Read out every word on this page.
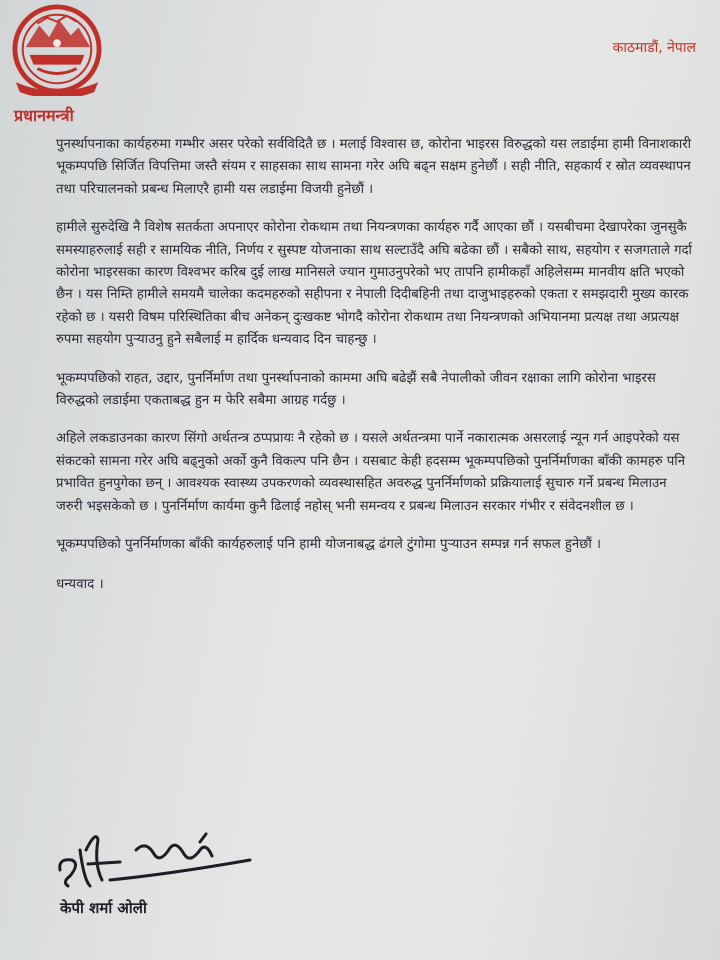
प्रधानमन्त्री
काठमाडौं, नेपाल

पुनर्स्थापनाका कार्यहरुमा गम्भीर असर परेको सर्वविदितै छ । मलाई विश्वास छ, कोरोना भाइरस विरुद्धको यस लडाईमा हामी विनाशकारी भूकम्पपछि सिर्जित विपत्तिमा जस्तै संयम र साहसका साथ सामना गरेर अघि बढ्न सक्षम हुनेछौं । सही नीति, सहकार्य र स्रोत व्यवस्थापन तथा परिचालनको प्रबन्ध मिलाएरै हामी यस लडाईमा विजयी हुनेछौं ।

हामीले सुरुदेखि नै विशेष सतर्कता अपनाएर कोरोना रोकथाम तथा नियन्त्रणका कार्यहरु गर्दै आएका छौं । यसबीचमा देखापरेका जुनसुकै समस्याहरुलाई सही र सामयिक नीति, निर्णय र सुस्पष्ट योजनाका साथ सल्टाउँदै अघि बढेका छौं । सबैको साथ, सहयोग र सजगताले गर्दा कोरोना भाइरसका कारण विश्वभर करिब दुई लाख मानिसले ज्यान गुमाउनुपरेको भए तापनि हामीकहाँ अहिलेसम्म मानवीय क्षति भएको छैन । यस निम्ति हामीले समयमै चालेका कदमहरुको सहीपना र नेपाली दिदीबहिनी तथा दाजुभाइहरुको एकता र समझदारी मुख्य कारक रहेको छ । यसरी विषम परिस्थितिका बीच अनेकन् दुःखकष्ट भोगदै कोरोना रोकथाम तथा नियन्त्रणको अभियानमा प्रत्यक्ष तथा अप्रत्यक्ष रुपमा सहयोग पुऱ्याउनु हुने सबैलाई म हार्दिक धन्यवाद दिन चाहन्छु ।

भूकम्पपछिको राहत, उद्दार, पुनर्निर्माण तथा पुनर्स्थापनाको काममा अघि बढेझैं सबै नेपालीको जीवन रक्षाका लागि कोरोना भाइरस विरुद्धको लडाईमा एकताबद्ध हुन म फेरि सबैमा आग्रह गर्दछु ।

अहिले लकडाउनका कारण सिंगो अर्थतन्त्र ठप्पप्रायः नै रहेको छ । यसले अर्थतन्त्रमा पार्ने नकारात्मक असरलाई न्यून गर्न आइपरेको यस संकटको सामना गरेर अघि बढ्नुको अर्को कुनै विकल्प पनि छैन । यसबाट केही हदसम्म भूकम्पपछिको पुनर्निर्माणका बाँकी कामहरु पनि प्रभावित हुनपुगेका छन् । आवश्यक स्वास्थ्य उपकरणको व्यवस्थासहित अवरुद्ध पुनर्निर्माणको प्रक्रियालाई सुचारु गर्ने प्रबन्ध मिलाउन जरुरी भइसकेको छ । पुनर्निर्माण कार्यमा कुनै ढिलाई नहोस् भनी समन्वय र प्रबन्ध मिलाउन सरकार गंभीर र संवेदनशील छ ।

भूकम्पपछिको पुनर्निर्माणका बाँकी कार्यहरुलाई पनि हामी योजनाबद्ध ढंगले टुंगोमा पुऱ्याउन सम्पन्न गर्न सफल हुनेछौं ।

धन्यवाद ।

केपी शर्मा ओली
